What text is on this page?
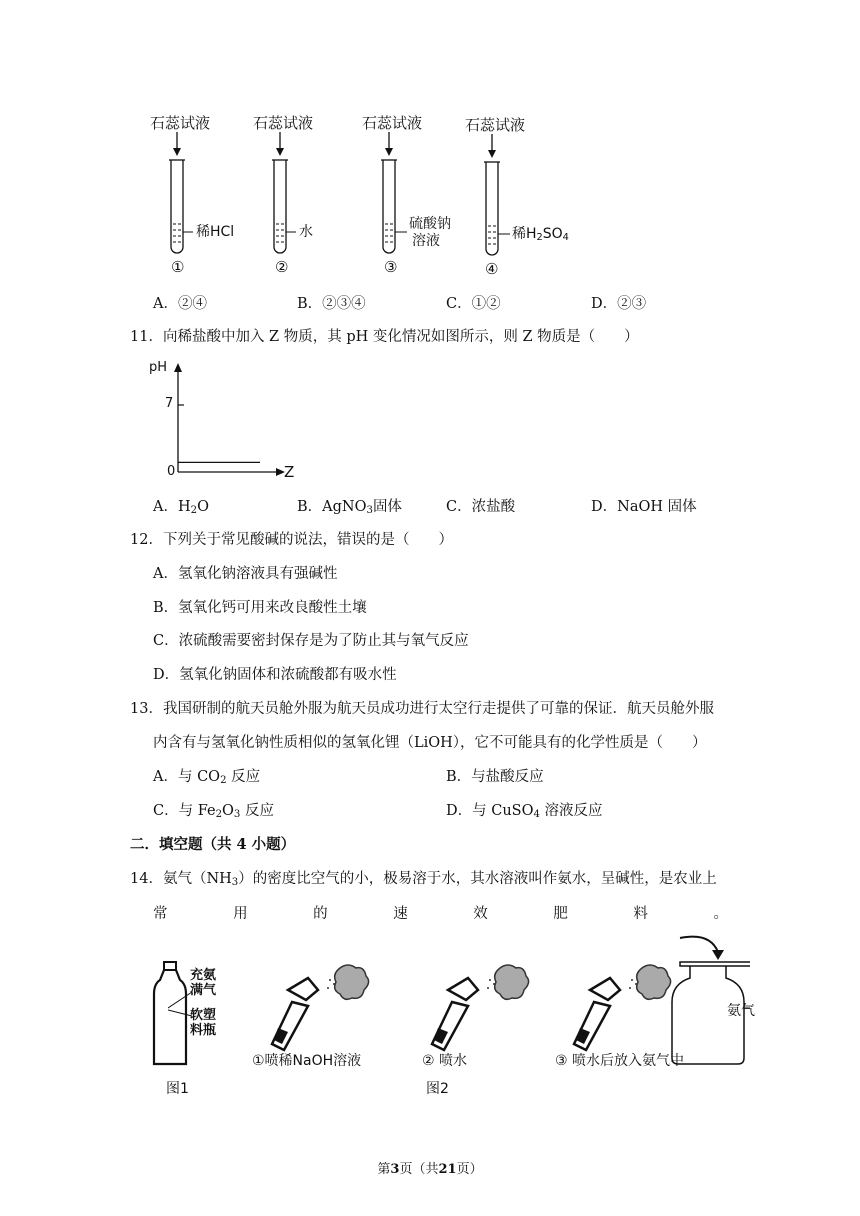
石蕊试液
稀HCl
①
石蕊试液
水
②
石蕊试液
硫酸钠
溶液
③
石蕊试液
稀$H_2SO_4$
④
A．②④	B．②③④	C．①②	D．②③
11．向稀盐酸中加入 Z 物质，其 pH 变化情况如图所示，则 Z 物质是（　　）
pH
7
0	Z
A．$H_2O$	B．AgNO$_3$固体	C．浓盐酸	D．NaOH 固体
12．下列关于常见酸碱的说法，错误的是（　　）
A．氢氧化钠溶液具有强碱性
B．氢氧化钙可用来改良酸性土壤
C．浓硫酸需要密封保存是为了防止其与氧气反应
D．氢氧化钠固体和浓硫酸都有吸水性
13．我国研制的航天员舱外服为航天员成功进行太空行走提供了可靠的保证．航天员舱外服
内含有与氢氧化钠性质相似的氢氧化锂（LiOH），它不可能具有的化学性质是（　　）
A．与 $CO_2$ 反应	B．与盐酸反应
C．与 $Fe_2O_3$ 反应	D．与 CuSO$_4$ 溶液反应
二．填空题（共 4 小题）
14．氨气$(NH_3)$的密度比空气的小，极易溶于水，其水溶液叫作氨水，呈碱性，是农业上
常	用	的	速	效	肥	料	。
充氨
满气
软塑
料瓶
氨气
①喷稀NaOH溶液	② 喷水	③ 喷水后放入氨气中
图1	图2
第3页（共21页）
